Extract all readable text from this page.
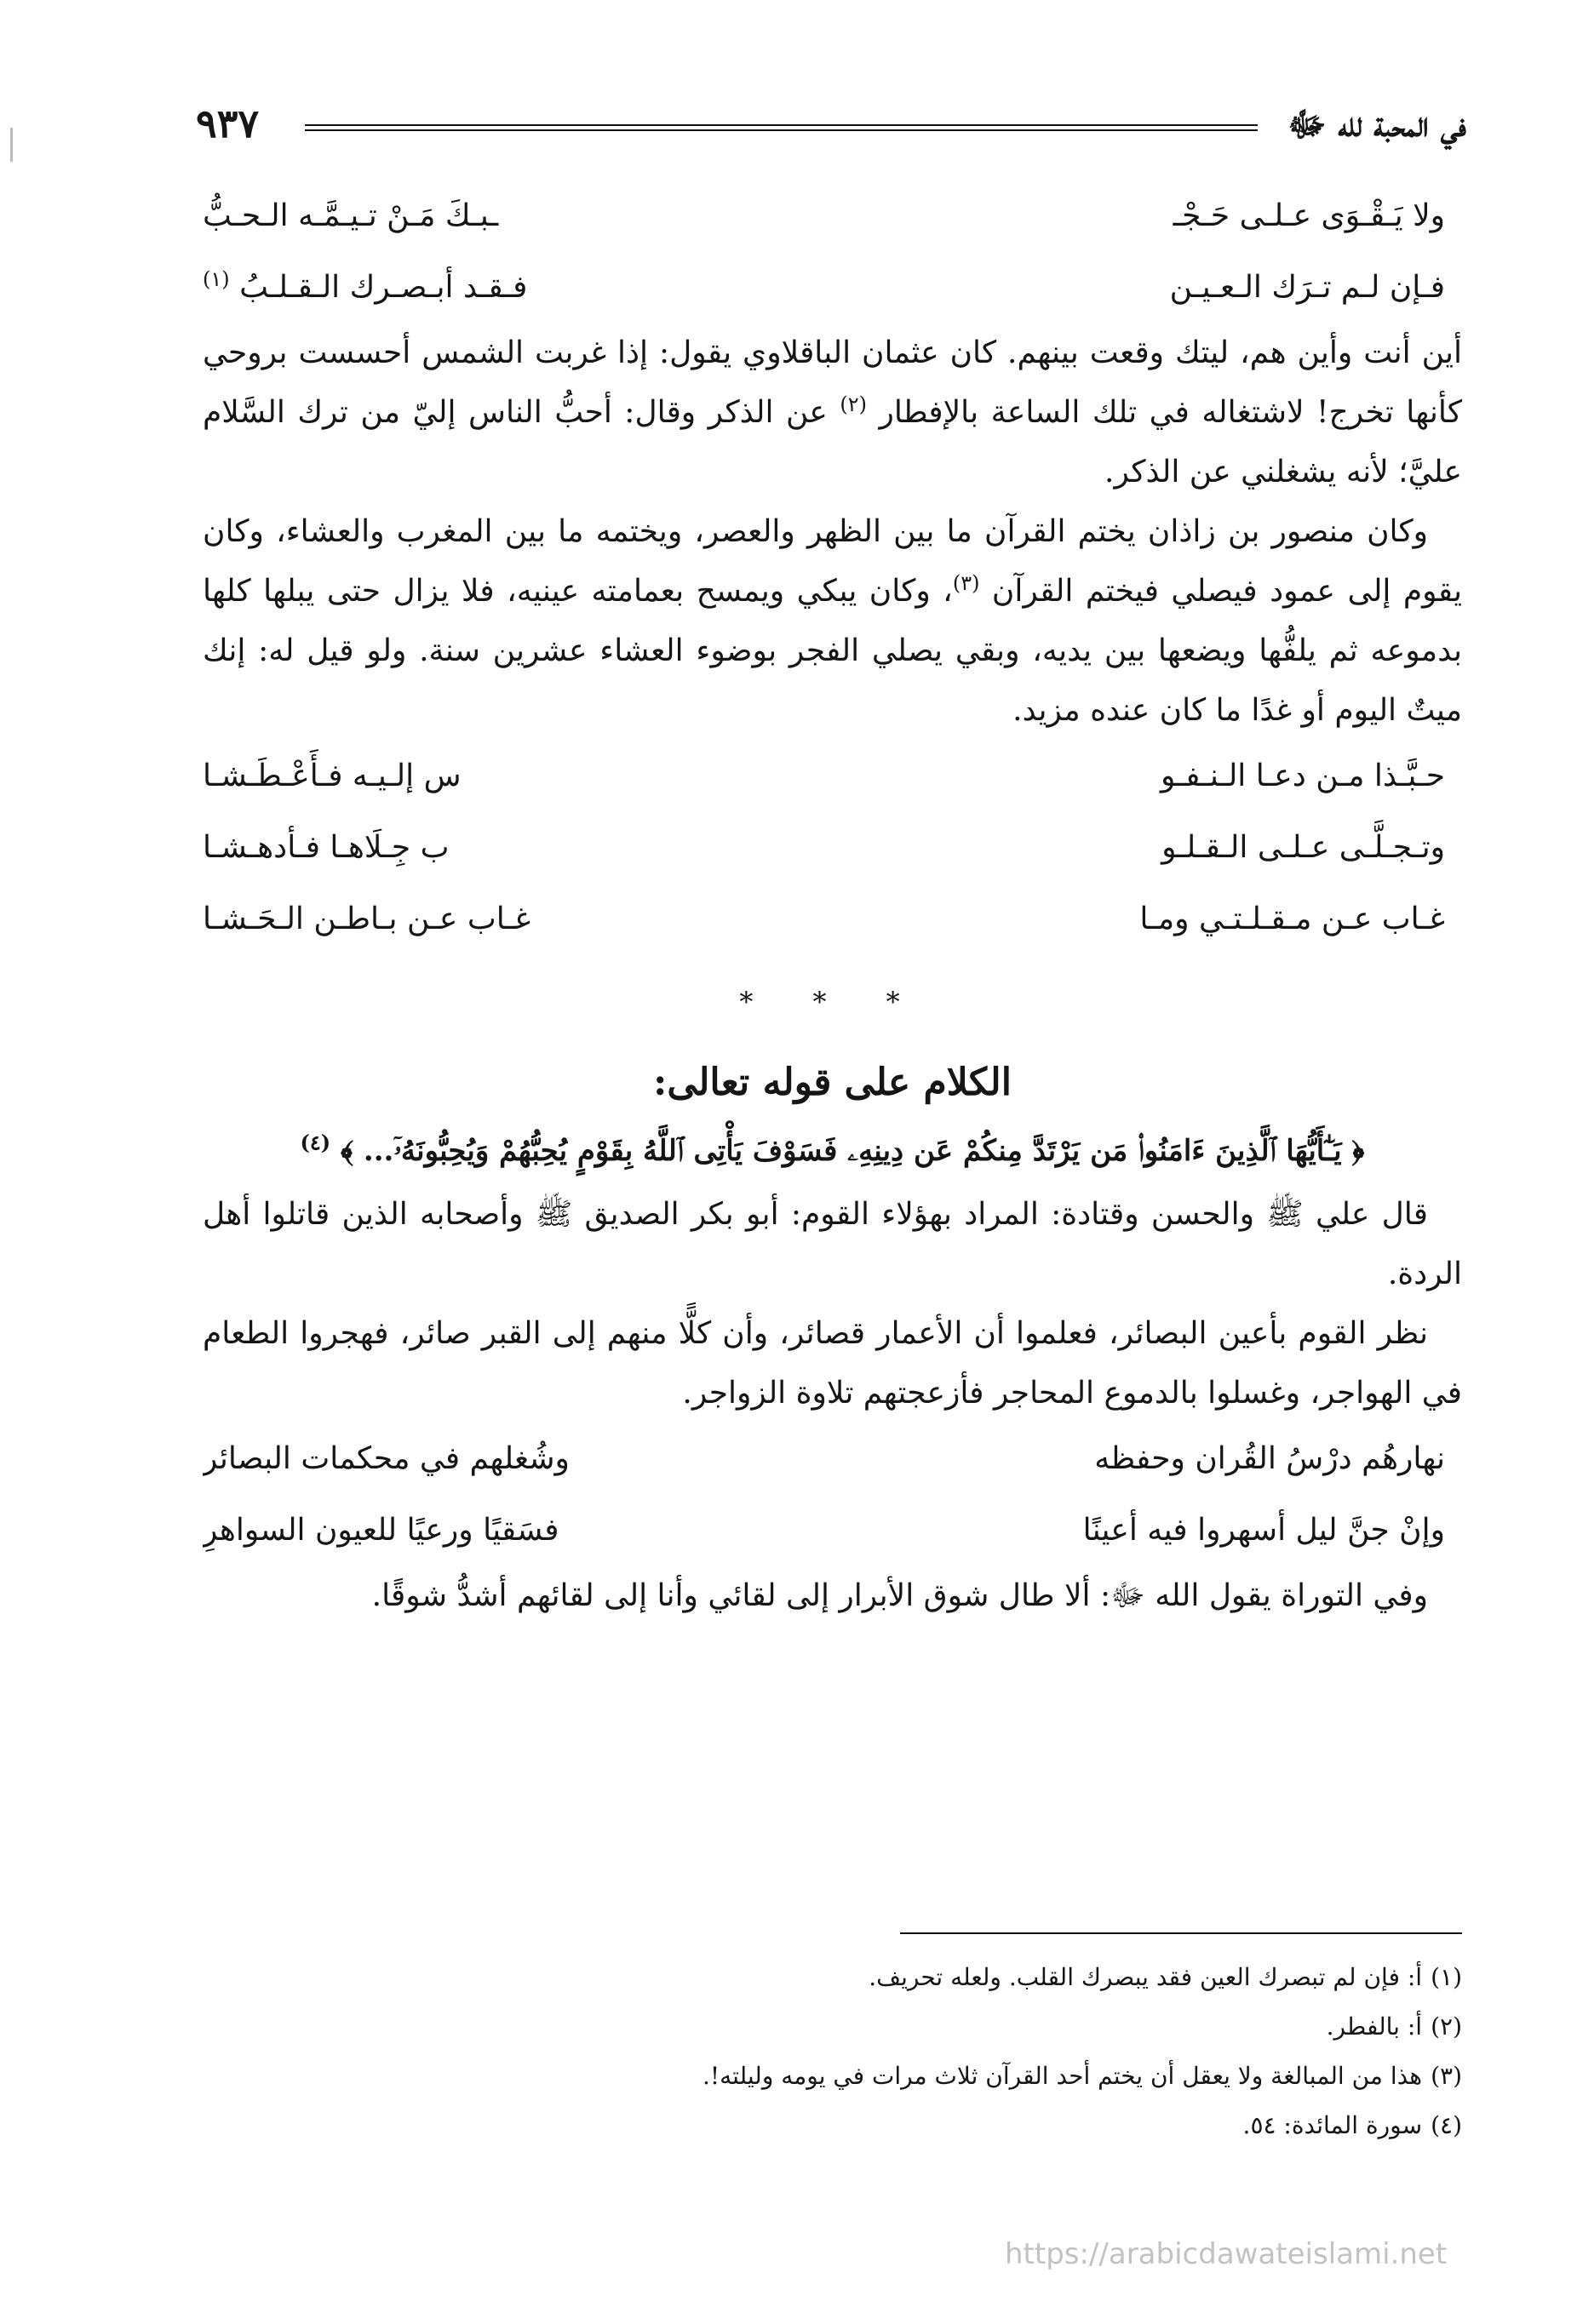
في المحبة لله ﷻ
٩٣٧
ولا يَـقْـوَى عـلـى حَـجْـ
ـبـكَ مَـنْ تـيـمَّـه الـحـبُّ
فـإن لـم تـرَك الـعـيـن
فـقـد أبـصـرك الـقـلـبُ $^{(١)}$

أين أنت وأين هم، ليتك وقعت بينهم. كان عثمان الباقلاوي يقول: إذا غربت الشمس أحسست بروحي كأنها تخرج! لاشتغاله في تلك الساعة بالإفطار $^{(٢)}$ عن الذكر وقال: أحبُّ الناس إليّ من ترك السَّلام عليَّ؛ لأنه يشغلني عن الذكر.

وكان منصور بن زاذان يختم القرآن ما بين الظهر والعصر، ويختمه ما بين المغرب والعشاء، وكان يقوم إلى عمود فيصلي فيختم القرآن $^{(٣)}$، وكان يبكي ويمسح بعمامته عينيه، فلا يزال حتى يبلها كلها بدموعه ثم يلفُّها ويضعها بين يديه، وبقي يصلي الفجر بوضوء العشاء عشرين سنة. ولو قيل له: إنك ميتٌ اليوم أو غدًا ما كان عنده مزيد.

حـبَّـذا مـن دعـا الـنـفـو
س إلـيـه فـأَعْـطَـشـا
وتـجـلَّـى عـلـى الـقـلـو
ب جِـلَاهـا فـأدهـشـا
غـاب عـن مـقـلـتـي ومـا
غـاب عـن بـاطـن الـحَـشـا
* * *
الكلام على قوله تعالى:
﴿ يَـٰٓأَيُّهَا ٱلَّذِينَ ءَامَنُوا۟ مَن يَرْتَدَّ مِنكُمْ عَن دِينِهِۦ فَسَوْفَ يَأْتِى ٱللَّهُ بِقَوْمٍ يُحِبُّهُمْ وَيُحِبُّونَهُۥٓ... ﴾ $^{(٤)}$

قال علي ﷺ والحسن وقتادة: المراد بهؤلاء القوم: أبو بكر الصديق ﷺ وأصحابه الذين قاتلوا أهل الردة.

نظر القوم بأعين البصائر، فعلموا أن الأعمار قصائر، وأن كلًّا منهم إلى القبر صائر، فهجروا الطعام في الهواجر، وغسلوا بالدموع المحاجر فأزعجتهم تلاوة الزواجر.

نهارهُم درْسُ القُران وحفظه
وشُغلهم في محكمات البصائر
وإنْ جنَّ ليل أسهروا فيه أعينًا
فسَقيًا ورعيًا للعيون السواهرِ

وفي التوراة يقول الله ﷻ: ألا طال شوق الأبرار إلى لقائي وأنا إلى لقائهم أشدُّ شوقًا.

(١)أ: فإن لم تبصرك العين فقد يبصرك القلب. ولعله تحريف.
(٢)أ: بالفطر.
(٣)هذا من المبالغة ولا يعقل أن يختم أحد القرآن ثلاث مرات في يومه وليلته!.
(٤)سورة المائدة: ٥٤.
https://arabicdawateislami.net
